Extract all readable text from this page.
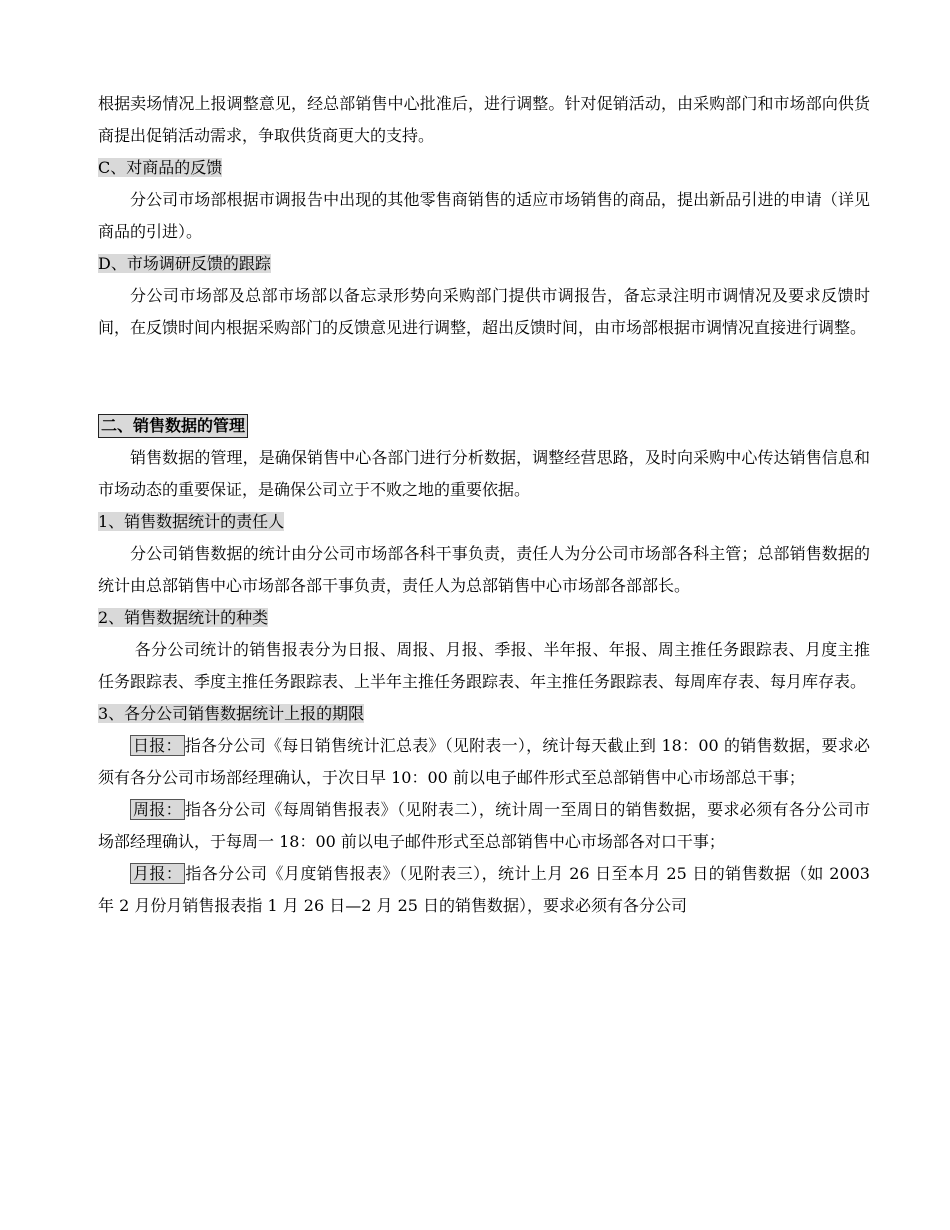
根据卖场情况上报调整意见，经总部销售中心批准后，进行调整。针对促销活动，由采购部门和市场部向供货商提出促销活动需求，争取供货商更大的支持。

C、对商品的反馈

分公司市场部根据市调报告中出现的其他零售商销售的适应市场销售的商品，提出新品引进的申请（详见商品的引进）。

D、市场调研反馈的跟踪

分公司市场部及总部市场部以备忘录形势向采购部门提供市调报告，备忘录注明市调情况及要求反馈时间，在反馈时间内根据采购部门的反馈意见进行调整，超出反馈时间，由市场部根据市调情况直接进行调整。

二、销售数据的管理

销售数据的管理，是确保销售中心各部门进行分析数据，调整经营思路，及时向采购中心传达销售信息和市场动态的重要保证，是确保公司立于不败之地的重要依据。

1、销售数据统计的责任人

分公司销售数据的统计由分公司市场部各科干事负责，责任人为分公司市场部各科主管；总部销售数据的统计由总部销售中心市场部各部干事负责，责任人为总部销售中心市场部各部部长。

2、销售数据统计的种类

各分公司统计的销售报表分为日报、周报、月报、季报、半年报、年报、周主推任务跟踪表、月度主推任务跟踪表、季度主推任务跟踪表、上半年主推任务跟踪表、年主推任务跟踪表、每周库存表、每月库存表。

3、各分公司销售数据统计上报的期限

日报： 指各分公司《每日销售统计汇总表》（见附表一），统计每天截止到 18：00 的销售数据，要求必须有各分公司市场部经理确认，于次日早 10：00 前以电子邮件形式至总部销售中心市场部总干事；

周报： 指各分公司《每周销售报表》（见附表二），统计周一至周日的销售数据，要求必须有各分公司市场部经理确认，于每周一 18：00 前以电子邮件形式至总部销售中心市场部各对口干事；

月报： 指各分公司《月度销售报表》（见附表三），统计上月 26 日至本月 25 日的销售数据（如 2003 年 2 月份月销售报表指 1 月 26 日—2 月 25 日的销售数据），要求必须有各分公司
